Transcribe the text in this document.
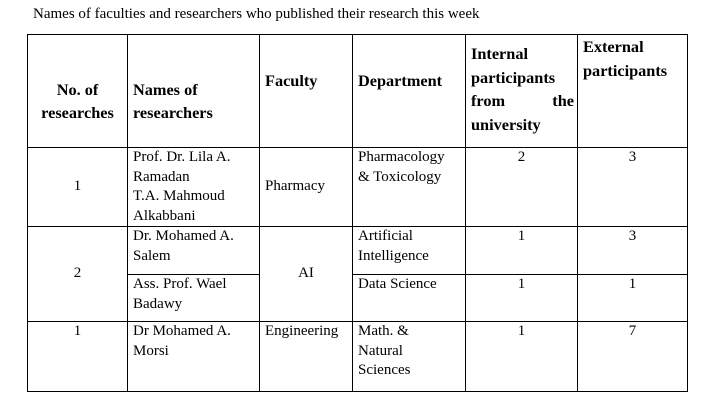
Names of faculties and researchers who published their research this week
No. of
researches	Names of
researchers	Faculty	Department	Internal
participants
from the
university	External
participants

1	Prof. Dr. Lila A.
Ramadan
T.A. Mahmoud
Alkabbani	Pharmacy	Pharmacology
& Toxicology	2	3
2	Dr. Mohamed A.
Salem	AI	Artificial
Intelligence	1	3

	Ass. Prof. Wael
Badawy		Data Science	1	1
1	Dr Mohamed A.
Morsi	Engineering	Math. &
Natural
Sciences	1	7
